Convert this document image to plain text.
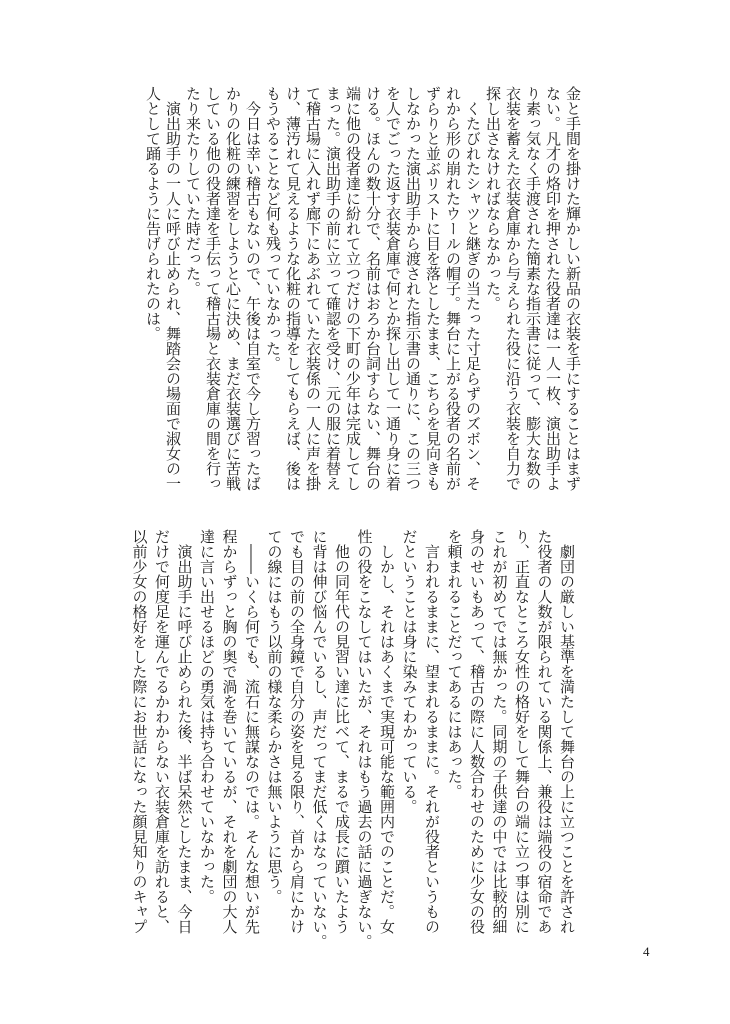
金と手間を掛けた輝かしい新品の衣装を手にすることはまず
ない。凡才の烙印を押された役者達は一人一枚、演出助手よ
り素っ気なく手渡された簡素な指示書に従って、膨大な数の
衣装を蓄えた衣装倉庫から与えられた役に沿う衣装を自力で
探し出さなければならなかった。
くたびれたシャツと継ぎの当たった寸足らずのズボン、そ
れから形の崩れたウールの帽子。舞台に上がる役者の名前が
ずらりと並ぶリストに目を落としたまま、こちらを見向きも
しなかった演出助手から渡された指示書の通りに、この三つ
を人でごった返す衣装倉庫で何とか探し出して一通り身に着
ける。ほんの数十分で、名前はおろか台詞すらない、舞台の
端に他の役者達に紛れて立つだけの下町の少年は完成してし
まった。演出助手の前に立って確認を受け、元の服に着替え
て稽古場に入れず廊下にあぶれていた衣装係の一人に声を掛
け、薄汚れて見えるような化粧の指導をしてもらえば、後は
もうやることなど何も残っていなかった。
今日は幸い稽古もないので、午後は自室で今し方習ったば
かりの化粧の練習をしようと心に決め、まだ衣装選びに苦戦
している他の役者達を手伝って稽古場と衣装倉庫の間を行っ
たり来たりしていた時だった。
演出助手の一人に呼び止められ、舞踏会の場面で淑女の一
人として踊るように告げられたのは。
劇団の厳しい基準を満たして舞台の上に立つことを許され
た役者の人数が限られている関係上、兼役は端役の宿命であ
り、正直なところ女性の格好をして舞台の端に立つ事は別に
これが初めてでは無かった。同期の子供達の中では比較的細
身のせいもあって、稽古の際に人数合わせのために少女の役
を頼まれることだってあるにはあった。
言われるままに、望まれるままに。それが役者というもの
だということは身に染みてわかっている。
しかし、それはあくまで実現可能な範囲内でのことだ。女
性の役をこなしてはいたが、それはもう過去の話に過ぎない。
他の同年代の見習い達に比べて、まるで成長に躓いたよう
に背は伸び悩んでいるし、声だってまだ低くはなっていない。
でも目の前の全身鏡で自分の姿を見る限り、首から肩にかけ
ての線にはもう以前の様な柔らかさは無いように思う。
――いくら何でも、流石に無謀なのでは。そんな想いが先
程からずっと胸の奥で渦を巻いているが、それを劇団の大人
達に言い出せるほどの勇気は持ち合わせていなかった。
演出助手に呼び止められた後、半ば呆然としたまま、今日
だけで何度足を運んでるかわからない衣装倉庫を訪れると、
以前少女の格好をした際にお世話になった顔見知りのキャプ
4
